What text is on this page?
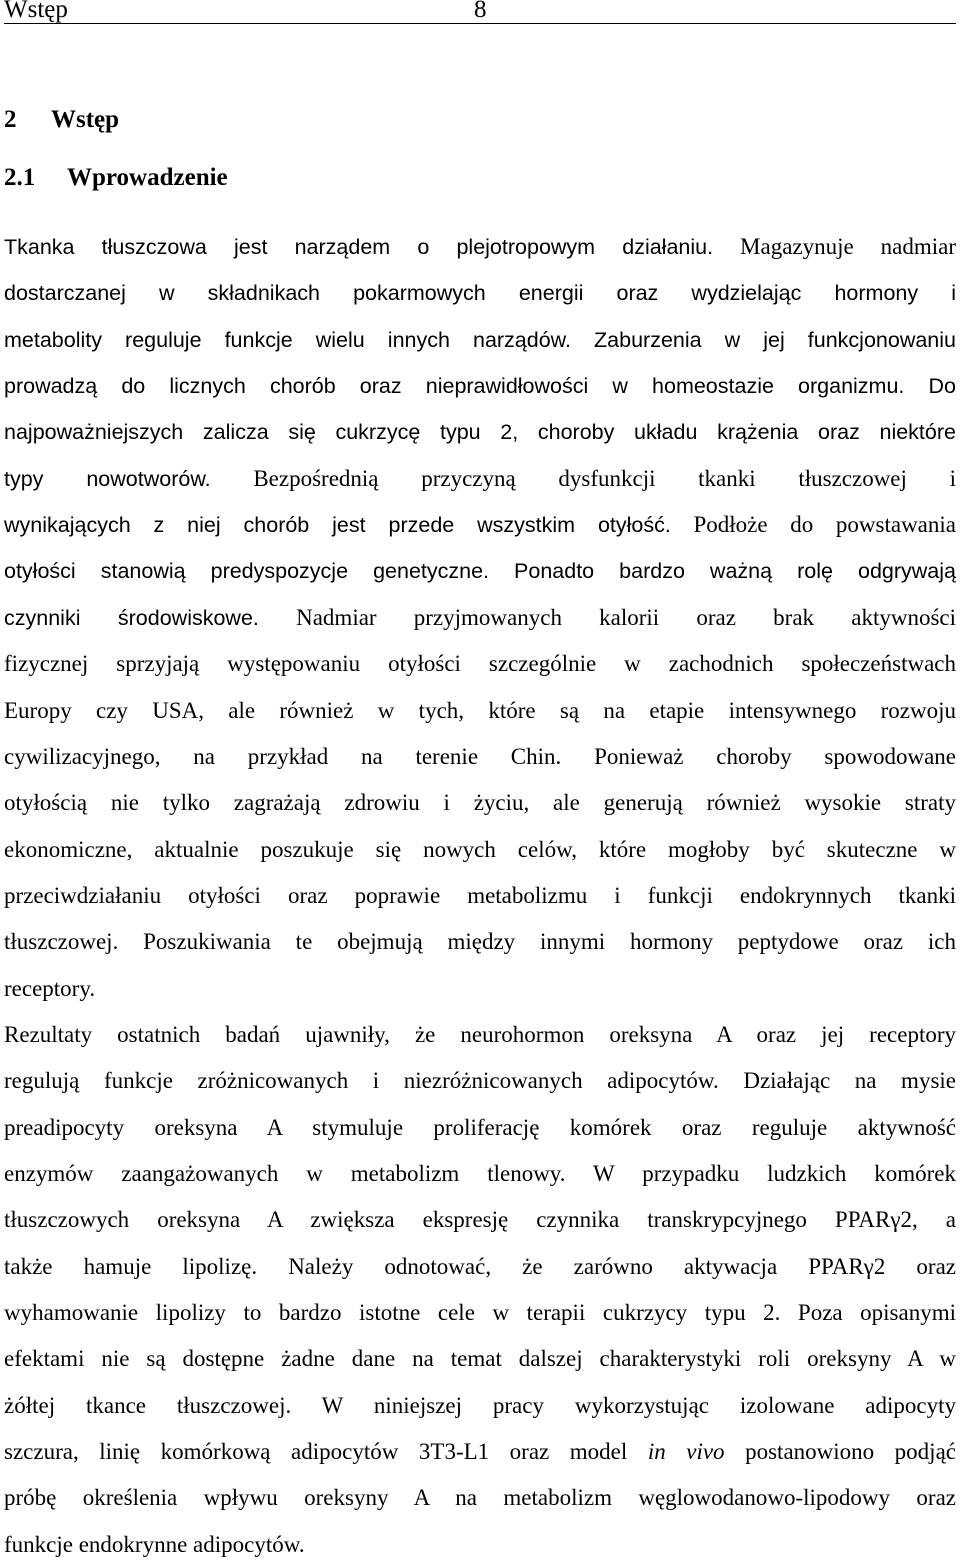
Wstęp	8
2 Wstęp
2.1 Wprowadzenie
Tkanka tłuszczowa jest narządem o plejotropowym działaniu. Magazynuje nadmiar
dostarczanej w składnikach pokarmowych energii oraz wydzielając hormony i
metabolity reguluje funkcje wielu innych narządów. Zaburzenia w jej funkcjonowaniu
prowadzą do licznych chorób oraz nieprawidłowości w homeostazie organizmu. Do
najpoważniejszych zalicza się cukrzycę typu 2, choroby układu krążenia oraz niektóre
typy nowotworów. Bezpośrednią przyczyną dysfunkcji tkanki tłuszczowej i
wynikających z niej chorób jest przede wszystkim otyłość. Podłoże do powstawania
otyłości stanowią predyspozycje genetyczne. Ponadto bardzo ważną rolę odgrywają
czynniki środowiskowe. Nadmiar przyjmowanych kalorii oraz brak aktywności
fizycznej sprzyjają występowaniu otyłości szczególnie w zachodnich społeczeństwach
Europy czy USA, ale również w tych, które są na etapie intensywnego rozwoju
cywilizacyjnego, na przykład na terenie Chin. Ponieważ choroby spowodowane
otyłością nie tylko zagrażają zdrowiu i życiu, ale generują również wysokie straty
ekonomiczne, aktualnie poszukuje się nowych celów, które mogłoby być skuteczne w
przeciwdziałaniu otyłości oraz poprawie metabolizmu i funkcji endokrynnych tkanki
tłuszczowej. Poszukiwania te obejmują między innymi hormony peptydowe oraz ich
receptory.
Rezultaty ostatnich badań ujawniły, że neurohormon oreksyna A oraz jej receptory
regulują funkcje zróżnicowanych i niezróżnicowanych adipocytów. Działając na mysie
preadipocyty oreksyna A stymuluje proliferację komórek oraz reguluje aktywność
enzymów zaangażowanych w metabolizm tlenowy. W przypadku ludzkich komórek
tłuszczowych oreksyna A zwiększa ekspresję czynnika transkrypcyjnego PPARγ2, a
także hamuje lipolizę. Należy odnotować, że zarówno aktywacja PPARγ2 oraz
wyhamowanie lipolizy to bardzo istotne cele w terapii cukrzycy typu 2. Poza opisanymi
efektami nie są dostępne żadne dane na temat dalszej charakterystyki roli oreksyny A w
żółtej tkance tłuszczowej. W niniejszej pracy wykorzystując izolowane adipocyty
szczura, linię komórkową adipocytów 3T3-L1 oraz model in vivo postanowiono podjąć
próbę określenia wpływu oreksyny A na metabolizm węglowodanowo-lipodowy oraz
funkcje endokrynne adipocytów.
